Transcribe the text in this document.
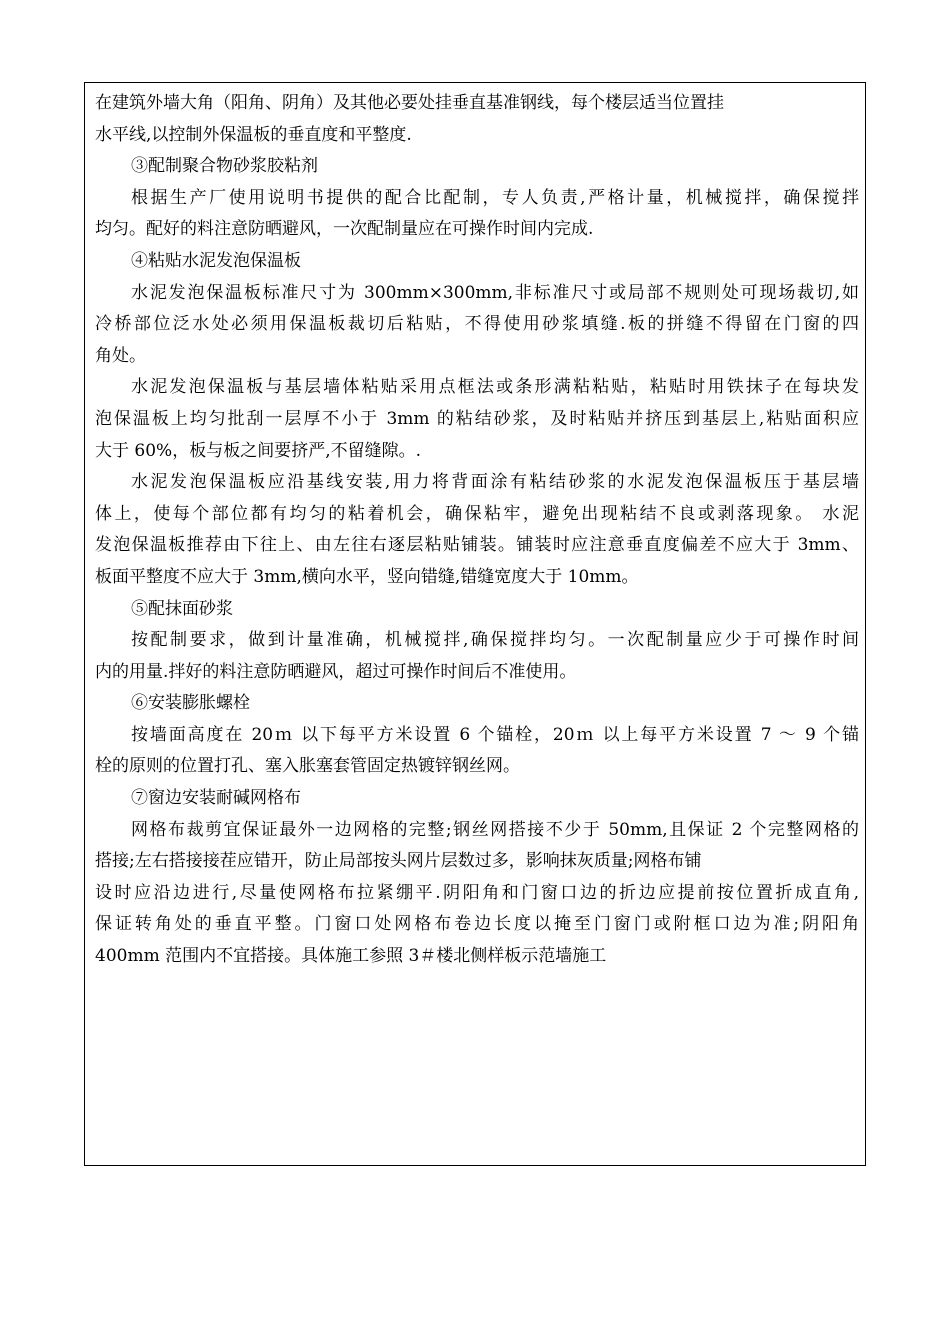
在建筑外墙大角（阳角、阴角）及其他必要处挂垂直基准钢线，每个楼层适当位置挂
水平线,以控制外保温板的垂直度和平整度.
③配制聚合物砂浆胶粘剂
根据生产厂使用说明书提供的配合比配制，专人负责,严格计量，机械搅拌，确保搅拌
均匀。配好的料注意防晒避风，一次配制量应在可操作时间内完成.
④粘贴水泥发泡保温板
水泥发泡保温板标准尺寸为 300mm×300mm,非标准尺寸或局部不规则处可现场裁切,如
冷桥部位泛水处必须用保温板裁切后粘贴，不得使用砂浆填缝.板的拼缝不得留在门窗的四
角处。
水泥发泡保温板与基层墙体粘贴采用点框法或条形满粘粘贴，粘贴时用铁抹子在每块发
泡保温板上均匀批刮一层厚不小于 3mm 的粘结砂浆，及时粘贴并挤压到基层上,粘贴面积应
大于 60%，板与板之间要挤严,不留缝隙。.
水泥发泡保温板应沿基线安装,用力将背面涂有粘结砂浆的水泥发泡保温板压于基层墙
体上，使每个部位都有均匀的粘着机会，确保粘牢，避免出现粘结不良或剥落现象。 水泥
发泡保温板推荐由下往上、由左往右逐层粘贴铺装。铺装时应注意垂直度偏差不应大于 3mm、
板面平整度不应大于 3mm,横向水平，竖向错缝,错缝宽度大于 10mm。
⑤配抹面砂浆
按配制要求，做到计量准确，机械搅拌,确保搅拌均匀。一次配制量应少于可操作时间
内的用量.拌好的料注意防晒避风，超过可操作时间后不准使用。
⑥安装膨胀螺栓
按墙面高度在 20ｍ 以下每平方米设置 6 个锚栓，20ｍ 以上每平方米设置 7 ～ 9 个锚
栓的原则的位置打孔、塞入胀塞套管固定热镀锌钢丝网。
⑦窗边安装耐碱网格布
网格布裁剪宜保证最外一边网格的完整;钢丝网搭接不少于 50mm,且保证 2 个完整网格的
搭接;左右搭接接茬应错开，防止局部按头网片层数过多，影响抹灰质量;网格布铺
设时应沿边进行,尽量使网格布拉紧绷平.阴阳角和门窗口边的折边应提前按位置折成直角,
保证转角处的垂直平整。门窗口处网格布卷边长度以掩至门窗门或附框口边为准;阴阳角
400mm 范围内不宜搭接。具体施工参照 3＃楼北侧样板示范墙施工
